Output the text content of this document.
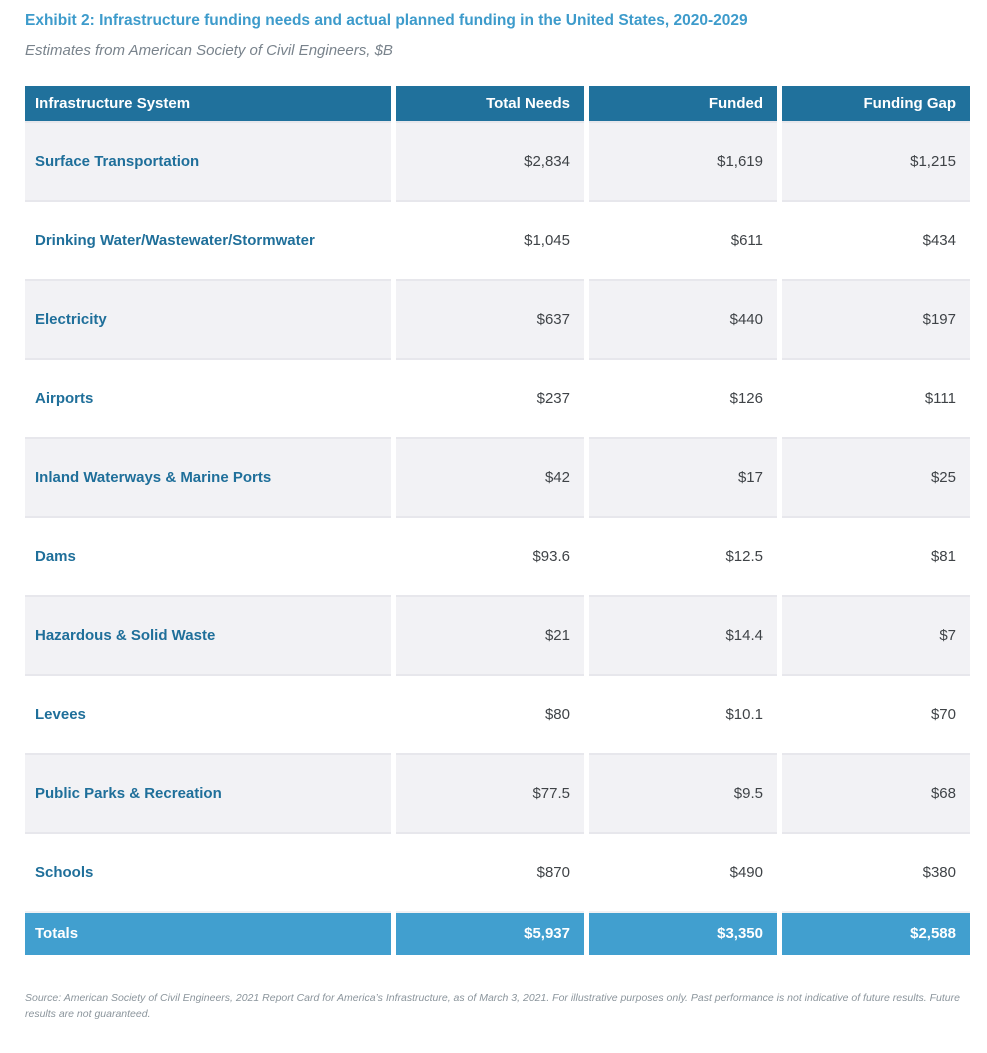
Exhibit 2: Infrastructure funding needs and actual planned funding in the United States, 2020-2029

Estimates from American Society of Civil Engineers, $B

Infrastructure System	Total Needs	Funded	Funding Gap
Surface Transportation	$2,834	$1,619	$1,215
Drinking Water/Wastewater/Stormwater	$1,045	$611	$434
Electricity	$637	$440	$197
Airports	$237	$126	$111
Inland Waterways & Marine Ports	$42	$17	$25
Dams	$93.6	$12.5	$81
Hazardous & Solid Waste	$21	$14.4	$7
Levees	$80	$10.1	$70
Public Parks & Recreation	$77.5	$9.5	$68
Schools	$870	$490	$380
Totals	$5,937	$3,350	$2,588

Source: American Society of Civil Engineers, 2021 Report Card for America’s Infrastructure, as of March 3, 2021. For illustrative purposes only. Past performance is not indicative of future results. Future results are not guaranteed.
